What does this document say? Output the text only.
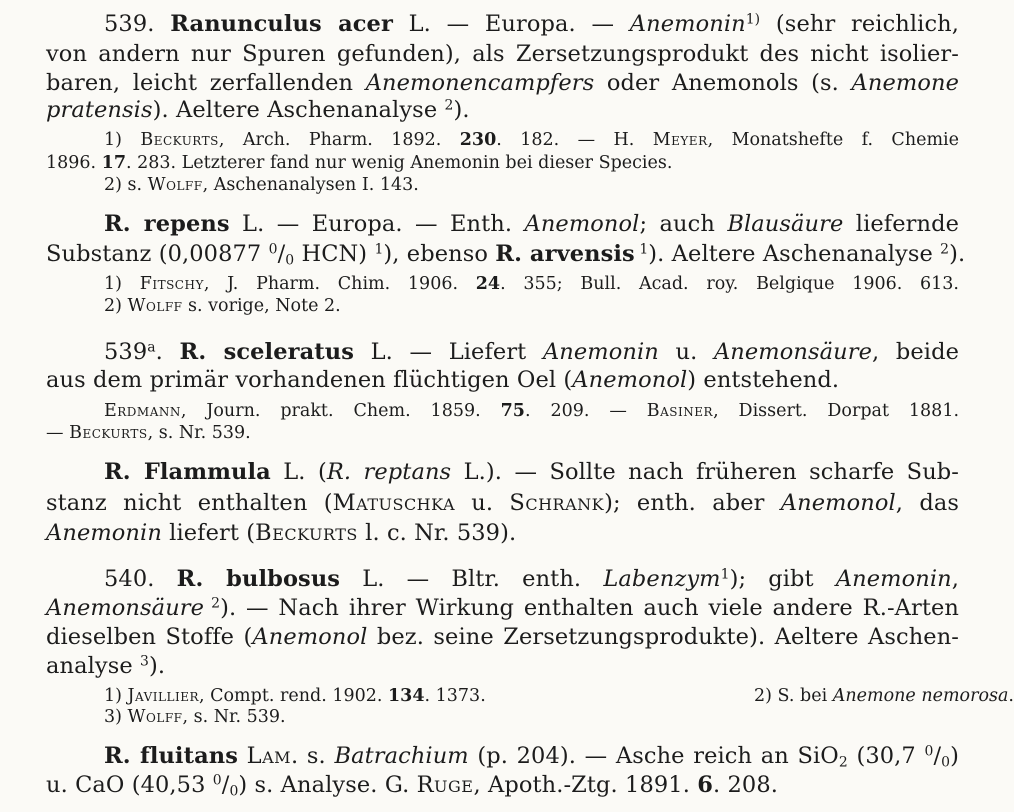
539. Ranunculus acer L. — Europa. — Anemonin$^{1)}$ (sehr reichlich,
von andern nur Spuren gefunden), als Zersetzungsprodukt des nicht isolier-
baren, leicht zerfallenden Anemonencampfers oder Anemonols (s. Anemone
pratensis). Aeltere Aschenanalyse $^2$).
1) Beckurts, Arch. Pharm. 1892. 230. 182. — H. Meyer, Monatshefte f. Chemie
1896. 17. 283. Letzterer fand nur wenig Anemonin bei dieser Species.
2) s. Wolff, Aschenanalysen I. 143.
R. repens L. — Europa. — Enth. Anemonol; auch Blausäure liefernde
Substanz (0,00877 $^0/_0$ HCN) $^1$), ebenso R. arvensis $^1$). Aeltere Aschenanalyse $^2$).
1) Fitschy, J. Pharm. Chim. 1906. 24. 355; Bull. Acad. roy. Belgique 1906. 613.
2) Wolff s. vorige, Note 2.
539$^a$. R. sceleratus L. — Liefert Anemonin u. Anemonsäure, beide
aus dem primär vorhandenen flüchtigen Oel (Anemonol) entstehend.
Erdmann, Journ. prakt. Chem. 1859. 75. 209. — Basiner, Dissert. Dorpat 1881.
— Beckurts, s. Nr. 539.
R. Flammula L. (R. reptans L.). — Sollte nach früheren scharfe Sub-
stanz nicht enthalten (Matuschka u. Schrank); enth. aber Anemonol, das
Anemonin liefert (Beckurts l. c. Nr. 539).
540. R. bulbosus L. — Bltr. enth. Labenzym$^1$); gibt Anemonin,
Anemonsäure $^2$). — Nach ihrer Wirkung enthalten auch viele andere R.-Arten
dieselben Stoffe (Anemonol bez. seine Zersetzungsprodukte). Aeltere Aschen-
analyse $^3$).
1) Javillier, Compt. rend. 1902. 134. 1373.	2) S. bei Anemone nemorosa.
3) Wolff, s. Nr. 539.
R. fluitans Lam. s. Batrachium (p. 204). — Asche reich an SiO$_2$ (30,7 $^0/_0$)
u. CaO (40,53 $^0/_0$) s. Analyse. G. Ruge, Apoth.-Ztg. 1891. 6. 208.
